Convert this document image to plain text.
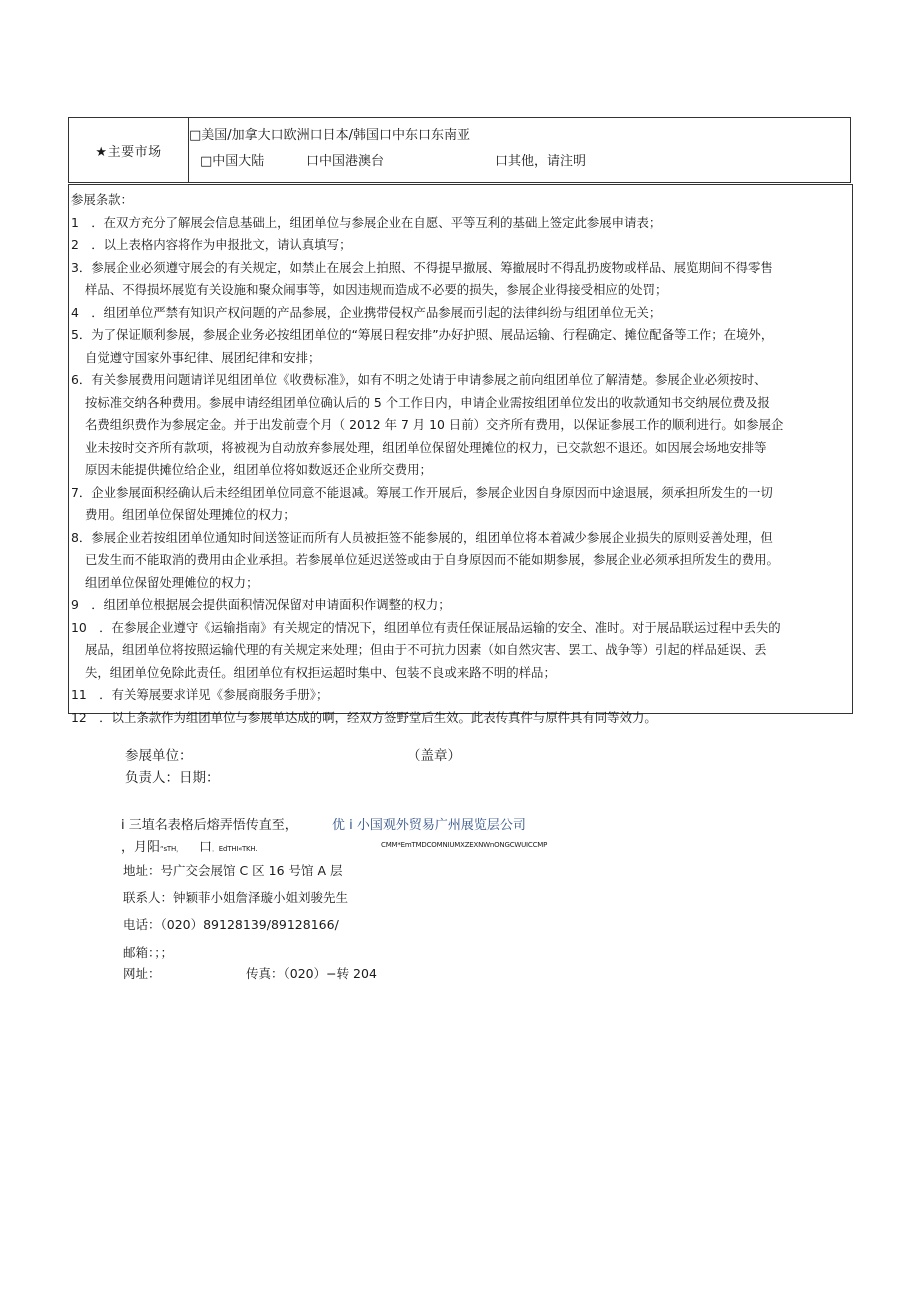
★主要市场
□美国/加拿大口欧洲口日本/韩国口中东口东南亚
□中国大陆	口中国港澳台	口其他，请注明
参展条款：
1　．在双方充分了解展会信息基础上，组团单位与参展企业在自愿、平等互利的基础上签定此参展申请表；
2　．以上表格内容将作为申报批文，请认真填写；
3．参展企业必须遵守展会的有关规定，如禁止在展会上拍照、不得提早撤展、筹撤展时不得乱扔废物或样品、展览期间不得零售
样品、不得损坏展览有关设施和聚众闹事等，如因违规而造成不必要的损失，参展企业得接受相应的处罚；
4　．组团单位严禁有知识产权问题的产品参展，企业携带侵权产品参展而引起的法律纠纷与组团单位无关；
5．为了保证顺利参展，参展企业务必按组团单位的“筹展日程安排”办好护照、展品运输、行程确定、摊位配备等工作；在境外，
自觉遵守国家外事纪律、展团纪律和安排；
6．有关参展费用问题请详见组团单位《收费标准》，如有不明之处请于申请参展之前向组团单位了解清楚。参展企业必须按时、
按标准交纳各种费用。参展申请经组团单位确认后的 5 个工作日内，申请企业需按组团单位发出的收款通知书交纳展位费及报
名费组织费作为参展定金。并于出发前壹个月（ 2012 年 7 月 10 日前）交齐所有费用，以保证参展工作的顺利进行。如参展企
业未按时交齐所有款项，将被视为自动放弃参展处理，组团单位保留处理摊位的权力，已交款恕不退还。如因展会场地安排等
原因未能提供摊位给企业，组团单位将如数返还企业所交费用；
7．企业参展面积经确认后未经组团单位同意不能退减。筹展工作开展后，参展企业因自身原因而中途退展，须承担所发生的一切
费用。组团单位保留处理摊位的权力；
8．参展企业若按组团单位通知时间送签证而所有人员被拒签不能参展的，组团单位将本着减少参展企业损失的原则妥善处理，但
已发生而不能取消的费用由企业承担。若参展单位延迟送签或由于自身原因而不能如期参展，参展企业必须承担所发生的费用。
组团单位保留处理傩位的权力；
9　．组团单位根据展会提供面积情况保留对申请面积作调整的权力；
10　．在参展企业遵守《运输指南》有关规定的情况下，组团单位有责任保证展品运输的安全、准时。对于展品联运过程中丢失的
展品，组团单位将按照运输代理的有关规定来处理；但由于不可抗力因素（如自然灾害、罢工、战争等）引起的样品延误、丢
失，组团单位免除此责任。组团单位有权拒运超时集中、包装不良或来路不明的样品；
11　．有关筹展要求详见《参展商服务手册》；
12　．以上条款作为组团单位与参展单达成的啊，经双方签野堂后生效。此表传真件与原件具有同等效力。
参展单位：	（盖章）
负责人：日期：
i 三埴名表格后熔弄悟传直至，	优 i 小国观外贸易广州展览层公司
，月阳“sTH， 口．EdTHI«TKH.	CMM*EmTMDCOMNIUMXZEXNWnONGCWUICCMP
地址：号广交会展馆 C 区 16 号馆 A 层
联系人：钟颖菲小姐詹泽璇小姐刘骏先生
电话：（020）89128139/89128166/
邮箱：；；
网址：	传真：（020）−转 204
